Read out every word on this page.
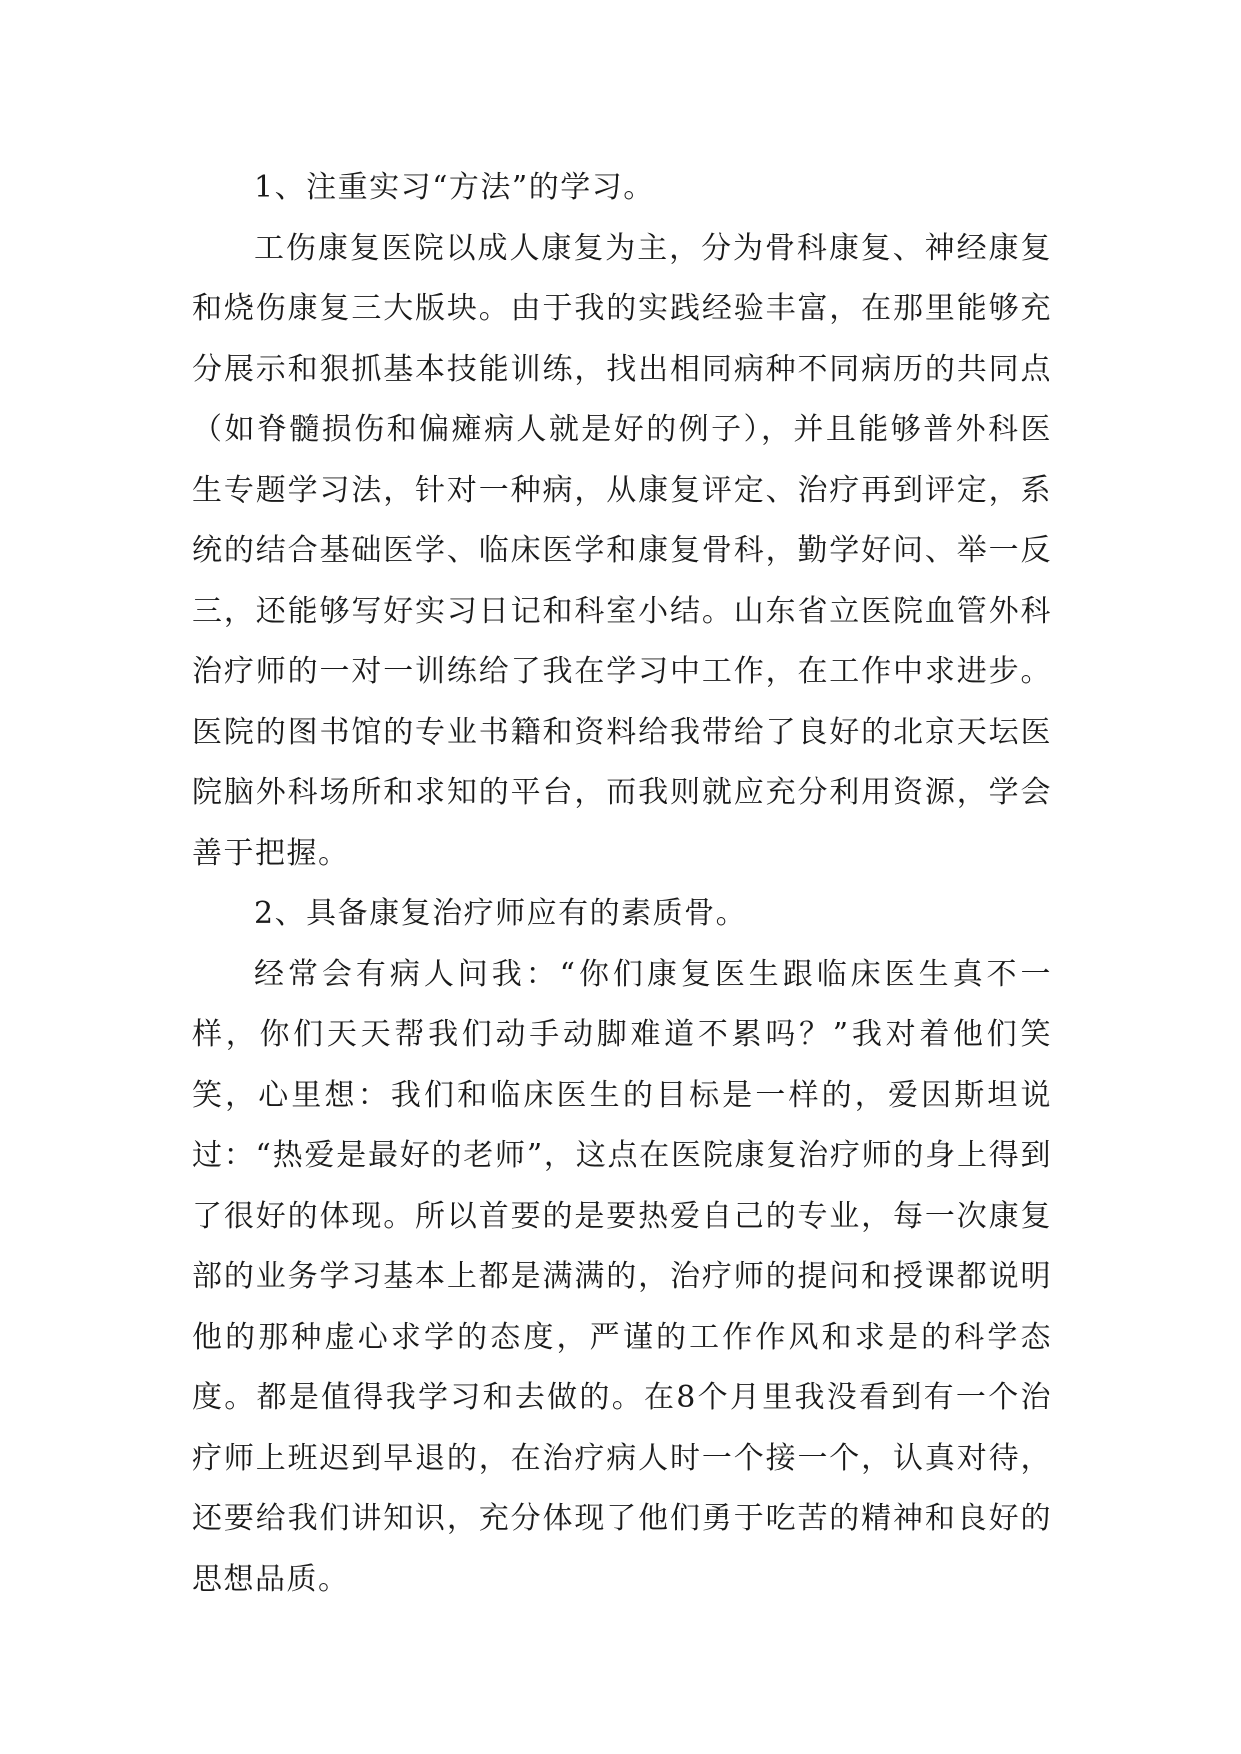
1、注重实习“方法”的学习。

工伤康复医院以成人康复为主，分为骨科康复、神经康复和烧伤康复三大版块。由于我的实践经验丰富，在那里能够充分展示和狠抓基本技能训练，找出相同病种不同病历的共同点（如脊髓损伤和偏瘫病人就是好的例子），并且能够普外科医生专题学习法，针对一种病，从康复评定、治疗再到评定，系统的结合基础医学、临床医学和康复骨科，勤学好问、举一反三，还能够写好实习日记和科室小结。山东省立医院血管外科治疗师的一对一训练给了我在学习中工作，在工作中求进步。医院的图书馆的专业书籍和资料给我带给了良好的北京天坛医院脑外科场所和求知的平台，而我则就应充分利用资源，学会善于把握。

2、具备康复治疗师应有的素质骨。

经常会有病人问我：“你们康复医生跟临床医生真不一样，你们天天帮我们动手动脚难道不累吗？”我对着他们笑笑，心里想：我们和临床医生的目标是一样的，爱因斯坦说过：“热爱是最好的老师”，这点在医院康复治疗师的身上得到了很好的体现。所以首要的是要热爱自己的专业，每一次康复部的业务学习基本上都是满满的，治疗师的提问和授课都说明他的那种虚心求学的态度，严谨的工作作风和求是的科学态度。都是值得我学习和去做的。在8个月里我没看到有一个治疗师上班迟到早退的，在治疗病人时一个接一个，认真对待，还要给我们讲知识，充分体现了他们勇于吃苦的精神和良好的思想品质。
